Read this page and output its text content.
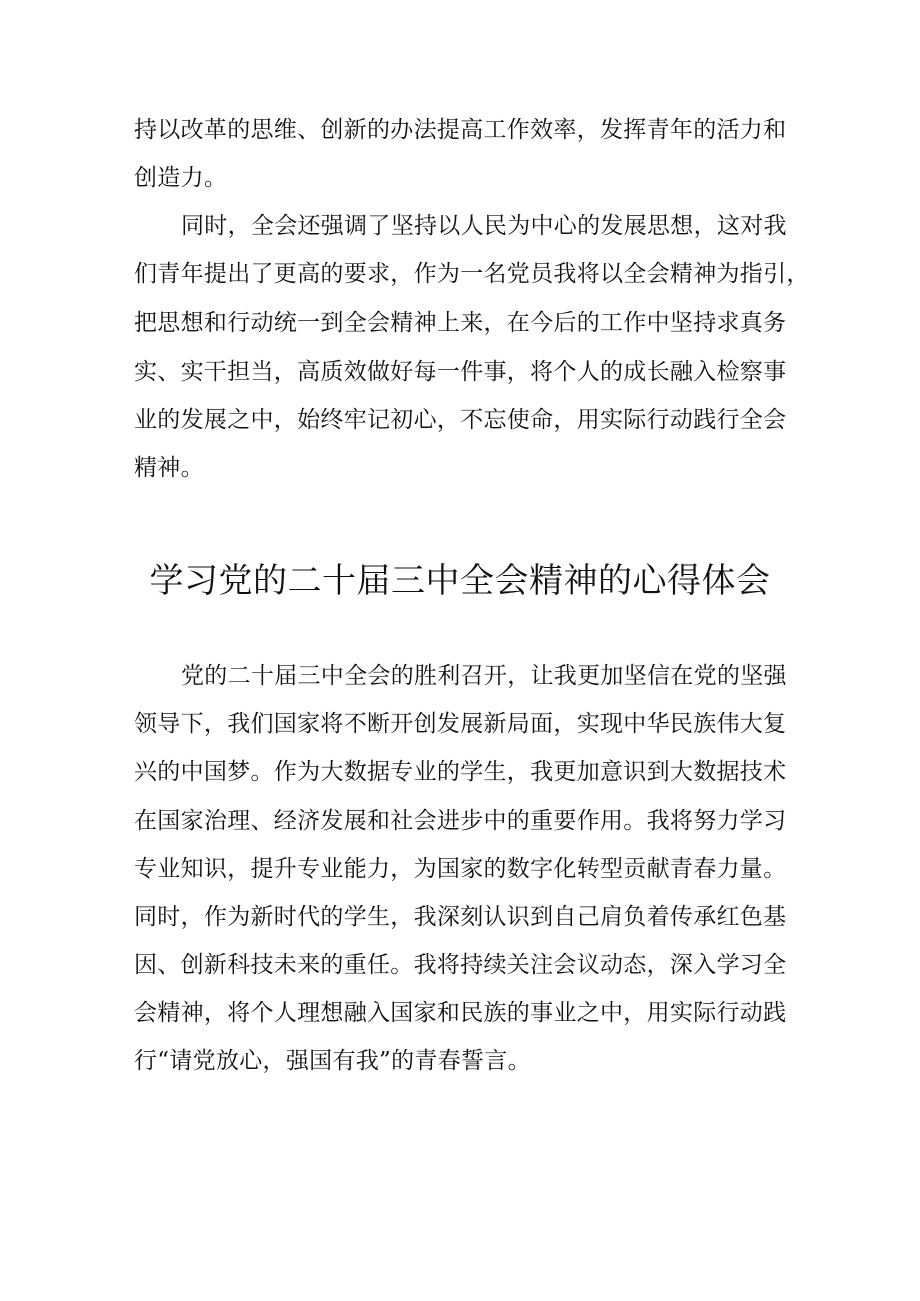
持以改革的思维、创新的办法提高工作效率，发挥青年的活力和
创造力。
同时，全会还强调了坚持以人民为中心的发展思想，这对我
们青年提出了更高的要求，作为一名党员我将以全会精神为指引，
把思想和行动统一到全会精神上来，在今后的工作中坚持求真务
实、实干担当，高质效做好每一件事，将个人的成长融入检察事
业的发展之中，始终牢记初心，不忘使命，用实际行动践行全会
精神。
学习党的二十届三中全会精神的心得体会
党的二十届三中全会的胜利召开，让我更加坚信在党的坚强
领导下，我们国家将不断开创发展新局面，实现中华民族伟大复
兴的中国梦。作为大数据专业的学生，我更加意识到大数据技术
在国家治理、经济发展和社会进步中的重要作用。我将努力学习
专业知识，提升专业能力，为国家的数字化转型贡献青春力量。
同时，作为新时代的学生，我深刻认识到自己肩负着传承红色基
因、创新科技未来的重任。我将持续关注会议动态，深入学习全
会精神，将个人理想融入国家和民族的事业之中，用实际行动践
行“请党放心，强国有我”的青春誓言。
